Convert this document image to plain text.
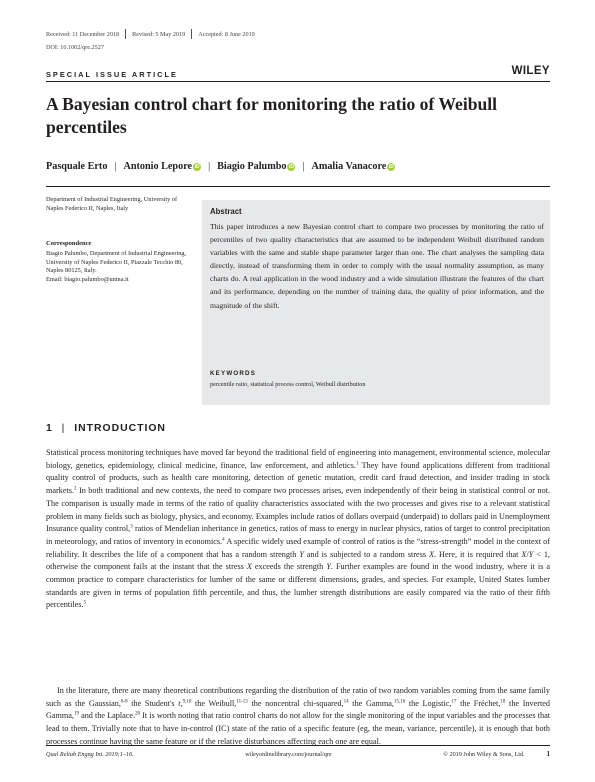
Received: 11 December 2018 Revised: 5 May 2019 Accepted: 8 June 2019
DOI: 10.1002/qre.2527
SPECIAL ISSUE ARTICLE	WILEY
A Bayesian control chart for monitoring the ratio of Weibull percentiles
Pasquale Erto | Antonio Lepore iD | Biagio Palumbo iD | Amalia Vanacore iD
Department of Industrial Engineering, University of Naples Federico II, Naples, Italy
Correspondence
Biagio Palumbo, Department of Industrial Engineering, University of Naples Federico II, Piazzale Tecchio 80, Naples 80125, Italy.
Email: biagio.palumbo@unina.it
Abstract
This paper introduces a new Bayesian control chart to compare two processes by monitoring the ratio of percentiles of two quality characteristics that are assumed to be independent Weibull distributed random variables with the same and stable shape parameter larger than one. The chart analyses the sampling data directly, instead of transforming them in order to comply with the usual normality assumption, as many charts do. A real application in the wood industry and a wide simulation illustrate the features of the chart and its performance, depending on the number of training data, the quality of prior information, and the magnitude of the shift.
KEYWORDS
percentile ratio, statistical process control, Weibull distribution
1 | INTRODUCTION
Statistical process monitoring techniques have moved far beyond the traditional field of engineering into management, environmental science, molecular biology, genetics, epidemiology, clinical medicine, finance, law enforcement, and athletics.$^1$ They have found applications different from traditional quality control of products, such as health care monitoring, detection of genetic mutation, credit card fraud detection, and insider trading in stock markets.$^2$ In both traditional and new contexts, the need to compare two processes arises, even independently of their being in statistical control or not. The comparison is usually made in terms of the ratio of quality characteristics associated with the two processes and gives rise to a relevant statistical problem in many fields such as biology, physics, and economy. Examples include ratios of dollars overpaid (underpaid) to dollars paid in Unemployment Insurance quality control,$^3$ ratios of Mendelian inheritance in genetics, ratios of mass to energy in nuclear physics, ratios of target to control precipitation in meteorology, and ratios of inventory in economics.$^4$ A specific widely used example of control of ratios is the “stress-strength” model in the context of reliability. It describes the life of a component that has a random strength Y and is subjected to a random stress X. Here, it is required that X/Y < 1, otherwise the component fails at the instant that the stress X exceeds the strength Y. Further examples are found in the wood industry, where it is a common practice to compare characteristics for lumber of the same or different dimensions, grades, and species. For example, United States lumber standards are given in terms of population fifth percentile, and thus, the lumber strength distributions are easily compared via the ratio of their fifth percentiles.$^5$
In the literature, there are many theoretical contributions regarding the distribution of the ratio of two random variables coming from the same family such as the Gaussian,$^{6-8}$ the Student's t,$^{9,10}$ the Weibull,$^{11-13}$ the noncentral chi-squared,$^{14}$ the Gamma,$^{15,16}$ the Logistic,$^{17}$ the Fréchet,$^{18}$ the Inverted Gamma,$^{19}$ and the Laplace.$^{20}$ It is worth noting that ratio control charts do not allow for the single monitoring of the input variables and the processes that lead to them. Trivially note that to have in-control (IC) state of the ratio of a specific feature (eg, the mean, variance, percentile), it is enough that both processes continue having the same feature or if the relative disturbances affecting each one are equal.
Qual Reliab Engng Int. 2019;1–16.	wileyonlinelibrary.com/journal/qre	© 2019 John Wiley & Sons, Ltd.	1
